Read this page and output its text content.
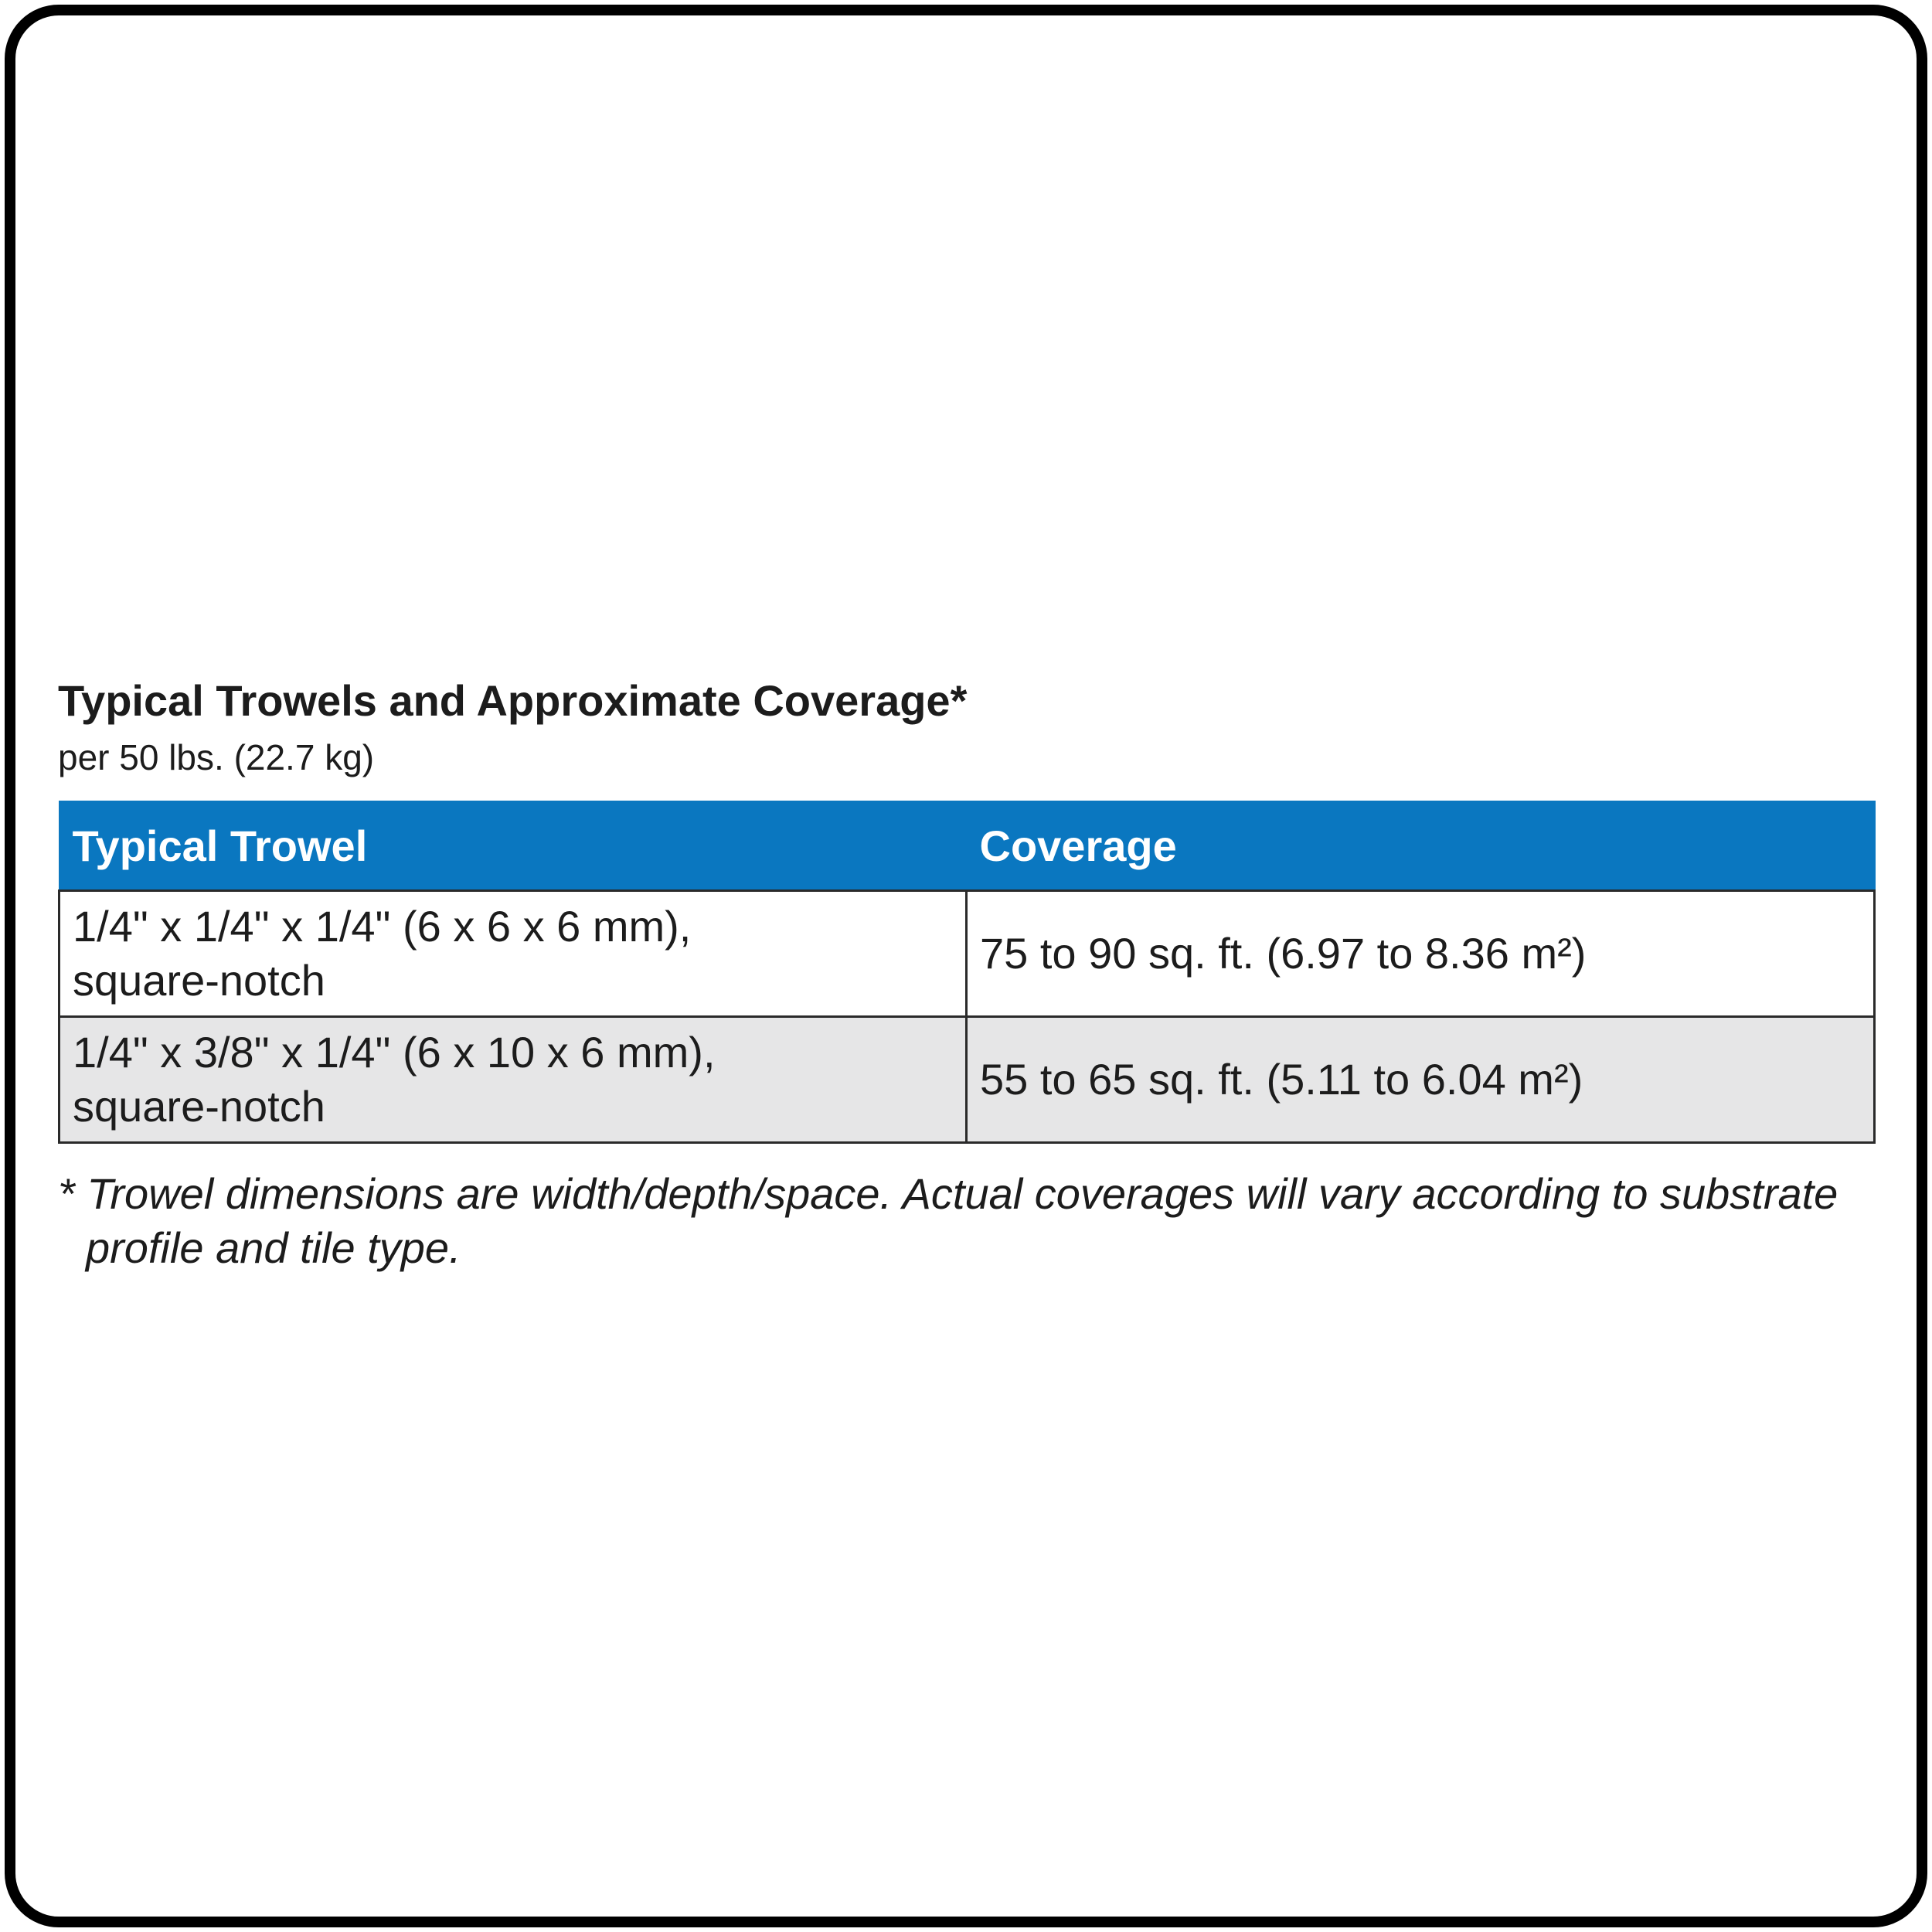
Typical Trowels and Approximate Coverage*
per 50 lbs. (22.7 kg)
Typical Trowel	Coverage
1/4" x 1/4" x 1/4" (6 x 6 x 6 mm),
square-notch	75 to 90 sq. ft. (6.97 to 8.36 m²)
1/4" x 3/8" x 1/4" (6 x 10 x 6 mm),
square-notch	55 to 65 sq. ft. (5.11 to 6.04 m²)
* Trowel dimensions are width/depth/space. Actual coverages will vary according to substrate profile and tile type.
